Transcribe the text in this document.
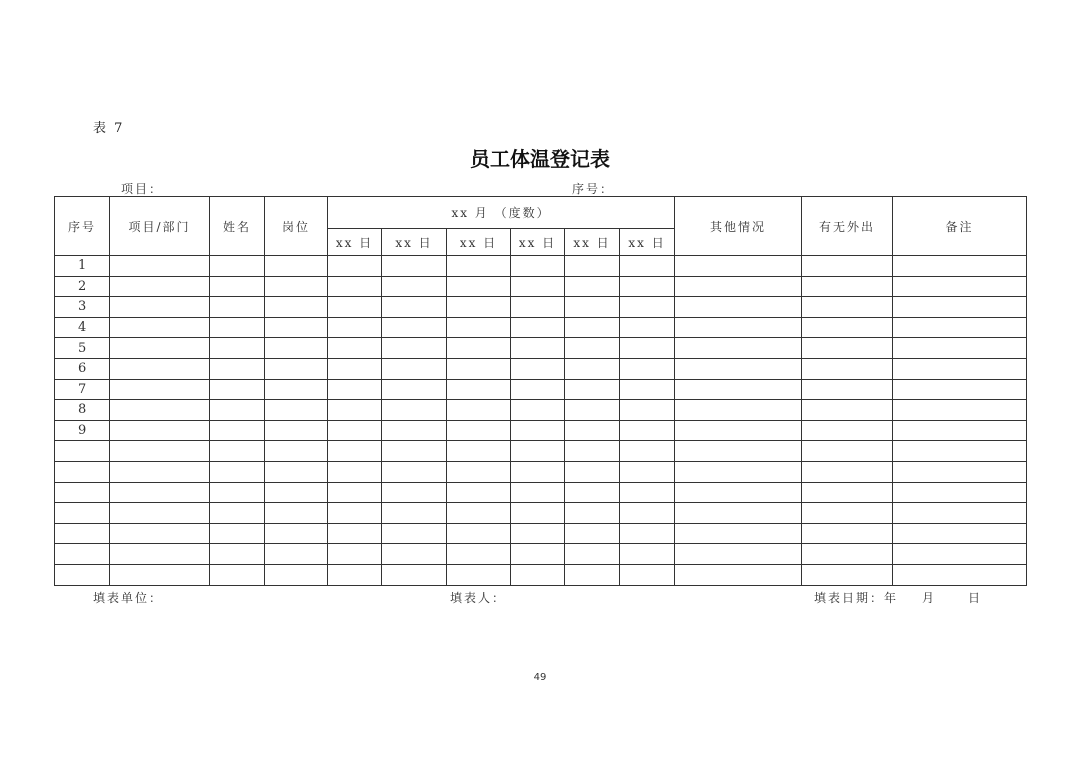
表 7
员工体温登记表
项目：	序号：
序号	项目/部门	姓名	岗位	xx 月 （度数）						其他情况	有无外出	备注
				xx 日	xx 日	xx 日	xx 日	xx 日	xx 日			
1												
2												
3												
4												
5												
6												
7												
8												
9												

填表单位：	填表人：	填表日期：年 月	日
49
